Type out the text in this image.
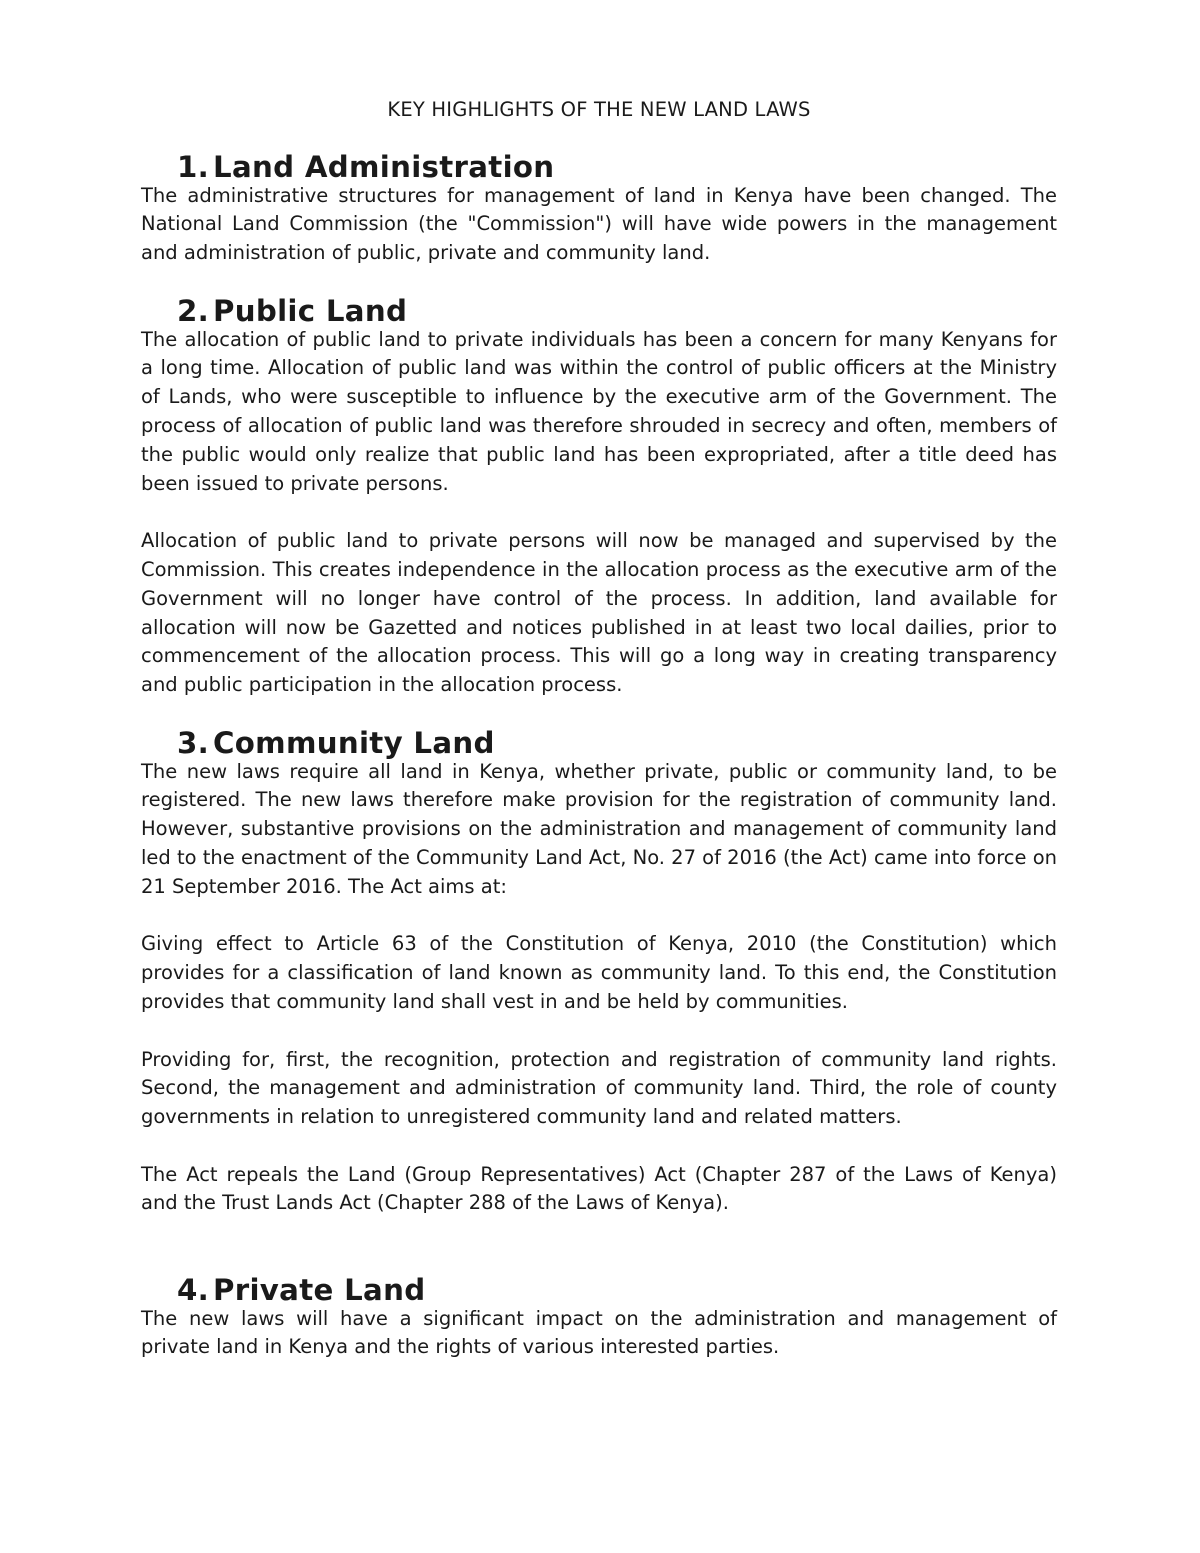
KEY HIGHLIGHTS OF THE NEW LAND LAWS
1. Land Administration

The administrative structures for management of land in Kenya have been changed. The National Land Commission (the "Commission") will have wide powers in the management and administration of public, private and community land.

2. Public Land

The allocation of public land to private individuals has been a concern for many Kenyans for a long time. Allocation of public land was within the control of public officers at the Ministry of Lands, who were susceptible to influence by the executive arm of the Government. The process of allocation of public land was therefore shrouded in secrecy and often, members of the public would only realize that public land has been expropriated, after a title deed has been issued to private persons.

Allocation of public land to private persons will now be managed and supervised by the Commission. This creates independence in the allocation process as the executive arm of the Government will no longer have control of the process. In addition, land available for allocation will now be Gazetted and notices published in at least two local dailies, prior to commencement of the allocation process. This will go a long way in creating transparency and public participation in the allocation process.

3. Community Land

The new laws require all land in Kenya, whether private, public or community land, to be registered. The new laws therefore make provision for the registration of community land. However, substantive provisions on the administration and management of community land led to the enactment of the Community Land Act, No. 27 of 2016 (the Act) came into force on 21 September 2016. The Act aims at:

Giving effect to Article 63 of the Constitution of Kenya, 2010 (the Constitution) which provides for a classification of land known as community land. To this end, the Constitution provides that community land shall vest in and be held by communities.

Providing for, first, the recognition, protection and registration of community land rights. Second, the management and administration of community land. Third, the role of county governments in relation to unregistered community land and related matters.

The Act repeals the Land (Group Representatives) Act (Chapter 287 of the Laws of Kenya) and the Trust Lands Act (Chapter 288 of the Laws of Kenya).

4. Private Land

The new laws will have a significant impact on the administration and management of private land in Kenya and the rights of various interested parties.
